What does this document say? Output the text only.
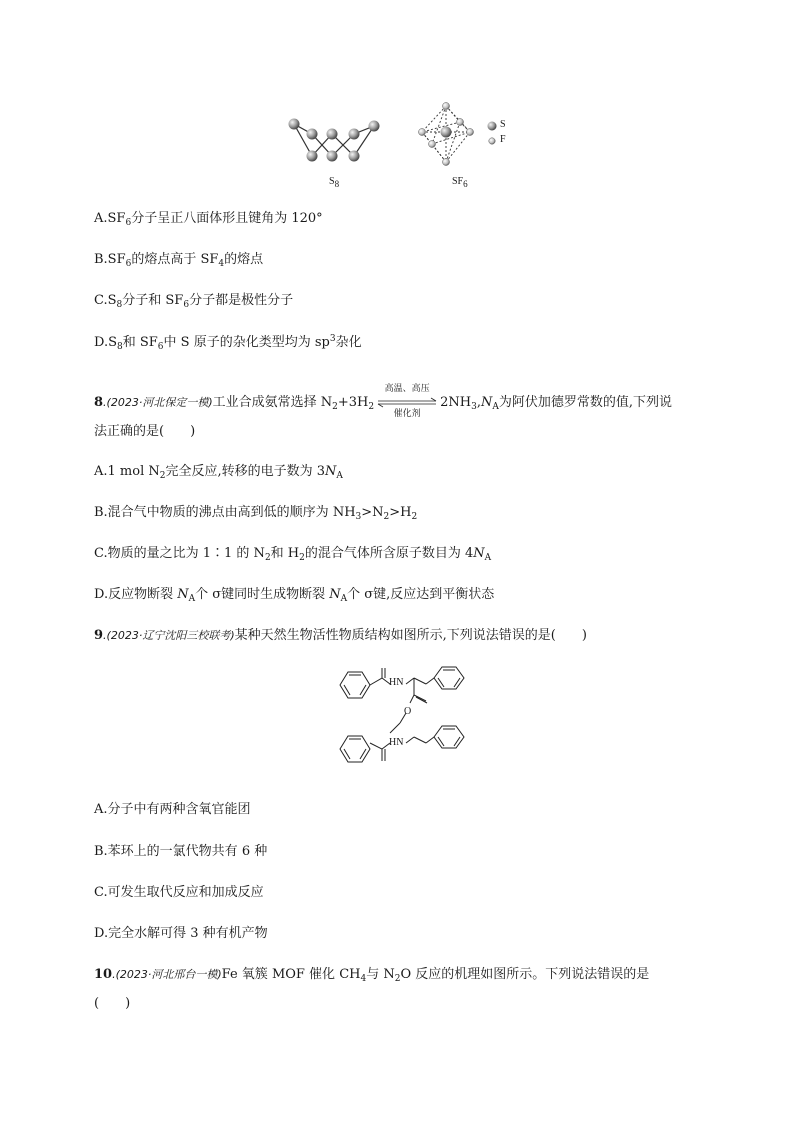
S
F
$S_8$	$SF_6$
$A.SF_6$分子呈正八面体形且键角为 120°
$B.SF_6$的熔点高于 $SF_4$的熔点
$C.S_8$分子和 $SF_6$分子都是极性分子
$D.S_8$和 $SF_6$中 S 原子的杂化类型均为 $sp^3$杂化
8.(2023·河北保定一模)工业合成氨常选择 $N_2+3H_2$
高温、高压
催化剂
$2NH_3,N_A$为阿伏加德罗常数的值,下列说
法正确的是(　　)
A.1 mol $N_2$完全反应,转移的电子数为 $3N_A$
B.混合气中物质的沸点由高到低的顺序为 $NH_3>N_2>H_2$
C.物质的量之比为 1∶1 的 $N_2$和 $H_2$的混合气体所含原子数目为 $4N_A$
D.反应物断裂 $N_A$个 σ键同时生成物断裂 $N_A$个 σ键,反应达到平衡状态
9.(2023·辽宁沈阳三校联考)某种天然生物活性物质结构如图所示,下列说法错误的是(　　)
HN
O
HN
A.分子中有两种含氧官能团
B.苯环上的一氯代物共有 6 种
C.可发生取代反应和加成反应
D.完全水解可得 3 种有机产物
10.(2023·河北邢台一模)Fe 氧簇 MOF 催化 $CH_4$与 $N_2O$ 反应的机理如图所示。下列说法错误的是
(　　)
